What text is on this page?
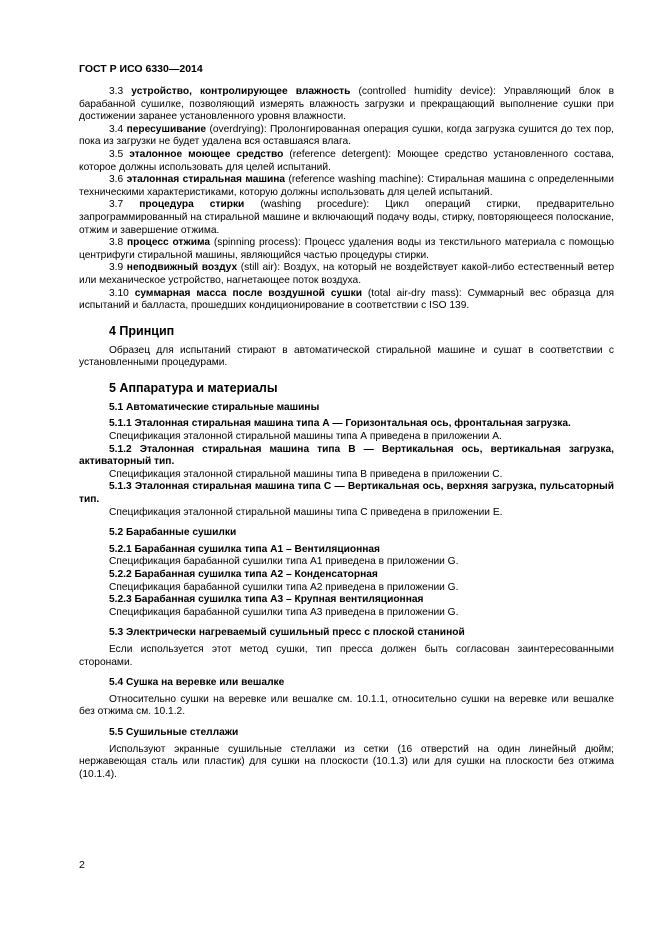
ГОСТ Р ИСО 6330—2014

3.3 устройство, контролирующее влажность (controlled humidity device): Управляющий блок в барабанной сушилке, позволяющий измерять влажность загрузки и прекращающий выполнение сушки при достижении заранее установленного уровня влажности.

3.4 пересушивание (overdrying): Пролонгированная операция сушки, когда загрузка сушится до тех пор, пока из загрузки не будет удалена вся оставшаяся влага.

3.5 эталонное моющее средство (reference detergent): Моющее средство установленного состава, которое должны использовать для целей испытаний.

3.6 эталонная стиральная машина (reference washing machine): Стиральная машина с определенными техническими характеристиками, которую должны использовать для целей испытаний.

3.7 процедура стирки (washing procedure): Цикл операций стирки, предварительно запрограммированный на стиральной машине и включающий подачу воды, стирку, повторяющееся полоскание, отжим и завершение отжима.

3.8 процесс отжима (spinning process): Процесс удаления воды из текстильного материала с помощью центрифуги стиральной машины, являющийся частью процедуры стирки.

3.9 неподвижный воздух (still air): Воздух, на который не воздействует какой-либо естественный ветер или механическое устройство, нагнетающее поток воздуха.

3.10 суммарная масса после воздушной сушки (total air-dry mass): Суммарный вес образца для испытаний и балласта, прошедших кондиционирование в соответствии с ISO 139.

4 Принцип

Образец для испытаний стирают в автоматической стиральной машине и сушат в соответствии с установленными процедурами.

5 Аппаратура и материалы

5.1 Автоматические стиральные машины

5.1.1 Эталонная стиральная машина типа А — Горизонтальная ось, фронтальная загрузка.

Спецификация эталонной стиральной машины типа А приведена в приложении А.

5.1.2 Эталонная стиральная машина типа В — Вертикальная ось, вертикальная загрузка, активаторный тип.

Спецификация эталонной стиральной машины типа В приведена в приложении С.

5.1.3 Эталонная стиральная машина типа С — Вертикальная ось, верхняя загрузка, пульсаторный тип.

Спецификация эталонной стиральной машины типа С приведена в приложении Е.

5.2 Барабанные сушилки

5.2.1 Барабанная сушилка типа А1 – Вентиляционная

Спецификация барабанной сушилки типа А1 приведена в приложении G.

5.2.2 Барабанная сушилка типа А2 – Конденсаторная

Спецификация барабанной сушилки типа А2 приведена в приложении G.

5.2.3 Барабанная сушилка типа А3 – Крупная вентиляционная

Спецификация барабанной сушилки типа А3 приведена в приложении G.

5.3 Электрически нагреваемый сушильный пресс с плоской станиной

Если используется этот метод сушки, тип пресса должен быть согласован заинтересованными сторонами.

5.4 Сушка на веревке или вешалке

Относительно сушки на веревке или вешалке см. 10.1.1, относительно сушки на веревке или вешалке без отжима см. 10.1.2.

5.5 Сушильные стеллажи

Используют экранные сушильные стеллажи из сетки (16 отверстий на один линейный дюйм; нержавеющая сталь или пластик) для сушки на плоскости (10.1.3) или для сушки на плоскости без отжима (10.1.4).

2
